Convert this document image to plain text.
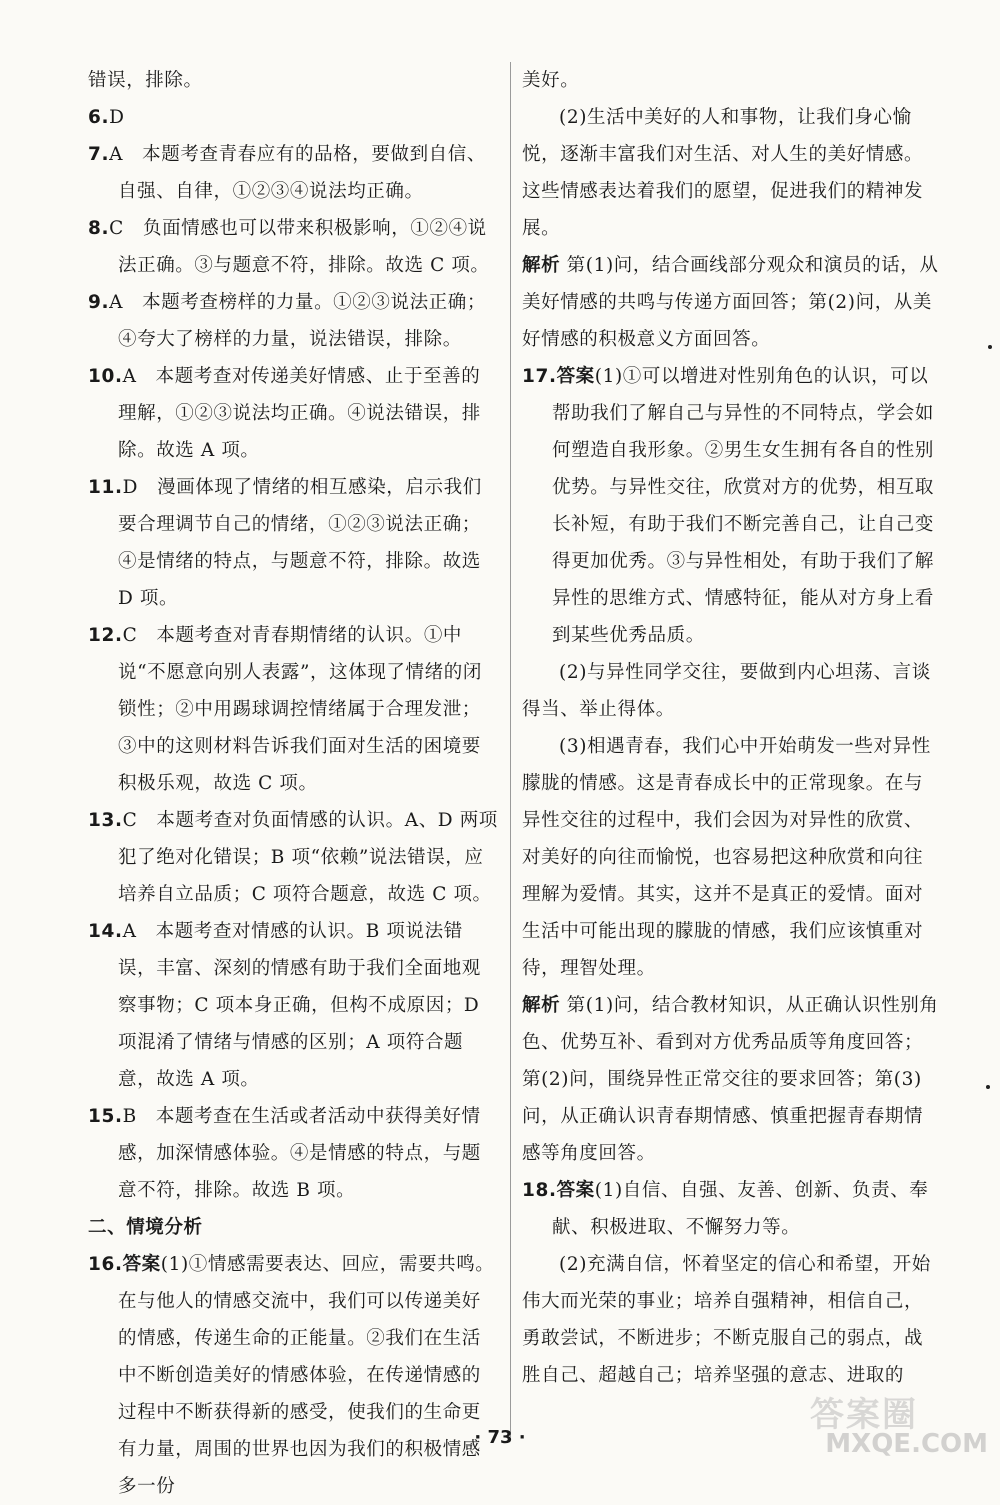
错误，排除。
6.D
7.A　本题考查青春应有的品格，要做到自信、自强、自律，①②③④说法均正确。
8.C　负面情感也可以带来积极影响，①②④说法正确。③与题意不符，排除。故选 C 项。
9.A　本题考查榜样的力量。①②③说法正确；④夸大了榜样的力量，说法错误，排除。
10.A　本题考查对传递美好情感、止于至善的理解，①②③说法均正确。④说法错误，排除。故选 A 项。
11.D　漫画体现了情绪的相互感染，启示我们要合理调节自己的情绪，①②③说法正确；④是情绪的特点，与题意不符，排除。故选 D 项。
12.C　本题考查对青春期情绪的认识。①中说“不愿意向别人表露”，这体现了情绪的闭锁性；②中用踢球调控情绪属于合理发泄；③中的这则材料告诉我们面对生活的困境要积极乐观，故选 C 项。
13.C　本题考查对负面情感的认识。A、D 两项犯了绝对化错误；B 项“依赖”说法错误，应培养自立品质；C 项符合题意，故选 C 项。
14.A　本题考查对情感的认识。B 项说法错误，丰富、深刻的情感有助于我们全面地观察事物；C 项本身正确，但构不成原因；D 项混淆了情绪与情感的区别；A 项符合题意，故选 A 项。
15.B　本题考查在生活或者活动中获得美好情感，加深情感体验。④是情感的特点，与题意不符，排除。故选 B 项。
二、情境分析
16.答案(1)①情感需要表达、回应，需要共鸣。在与他人的情感交流中，我们可以传递美好的情感，传递生命的正能量。②我们在生活中不断创造美好的情感体验，在传递情感的过程中不断获得新的感受，使我们的生命更有力量，周围的世界也因为我们的积极情感多一份
美好。
(2)生活中美好的人和事物，让我们身心愉悦，逐渐丰富我们对生活、对人生的美好情感。这些情感表达着我们的愿望，促进我们的精神发展。
解析 第(1)问，结合画线部分观众和演员的话，从美好情感的共鸣与传递方面回答；第(2)问，从美好情感的积极意义方面回答。
17.答案(1)①可以增进对性别角色的认识，可以帮助我们了解自己与异性的不同特点，学会如何塑造自我形象。②男生女生拥有各自的性别优势。与异性交往，欣赏对方的优势，相互取长补短，有助于我们不断完善自己，让自己变得更加优秀。③与异性相处，有助于我们了解异性的思维方式、情感特征，能从对方身上看到某些优秀品质。
(2)与异性同学交往，要做到内心坦荡、言谈得当、举止得体。
(3)相遇青春，我们心中开始萌发一些对异性朦胧的情感。这是青春成长中的正常现象。在与异性交往的过程中，我们会因为对异性的欣赏、对美好的向往而愉悦，也容易把这种欣赏和向往理解为爱情。其实，这并不是真正的爱情。面对生活中可能出现的朦胧的情感，我们应该慎重对待，理智处理。
解析 第(1)问，结合教材知识，从正确认识性别角色、优势互补、看到对方优秀品质等角度回答；第(2)问，围绕异性正常交往的要求回答；第(3)问，从正确认识青春期情感、慎重把握青春期情感等角度回答。
18.答案(1)自信、自强、友善、创新、负责、奉献、积极进取、不懈努力等。
(2)充满自信，怀着坚定的信心和希望，开始伟大而光荣的事业；培养自强精神，相信自己，勇敢尝试，不断进步；不断克服自己的弱点，战胜自己、超越自己；培养坚强的意志、进取的
· 73 ·
答案圈
MXQE.COM
